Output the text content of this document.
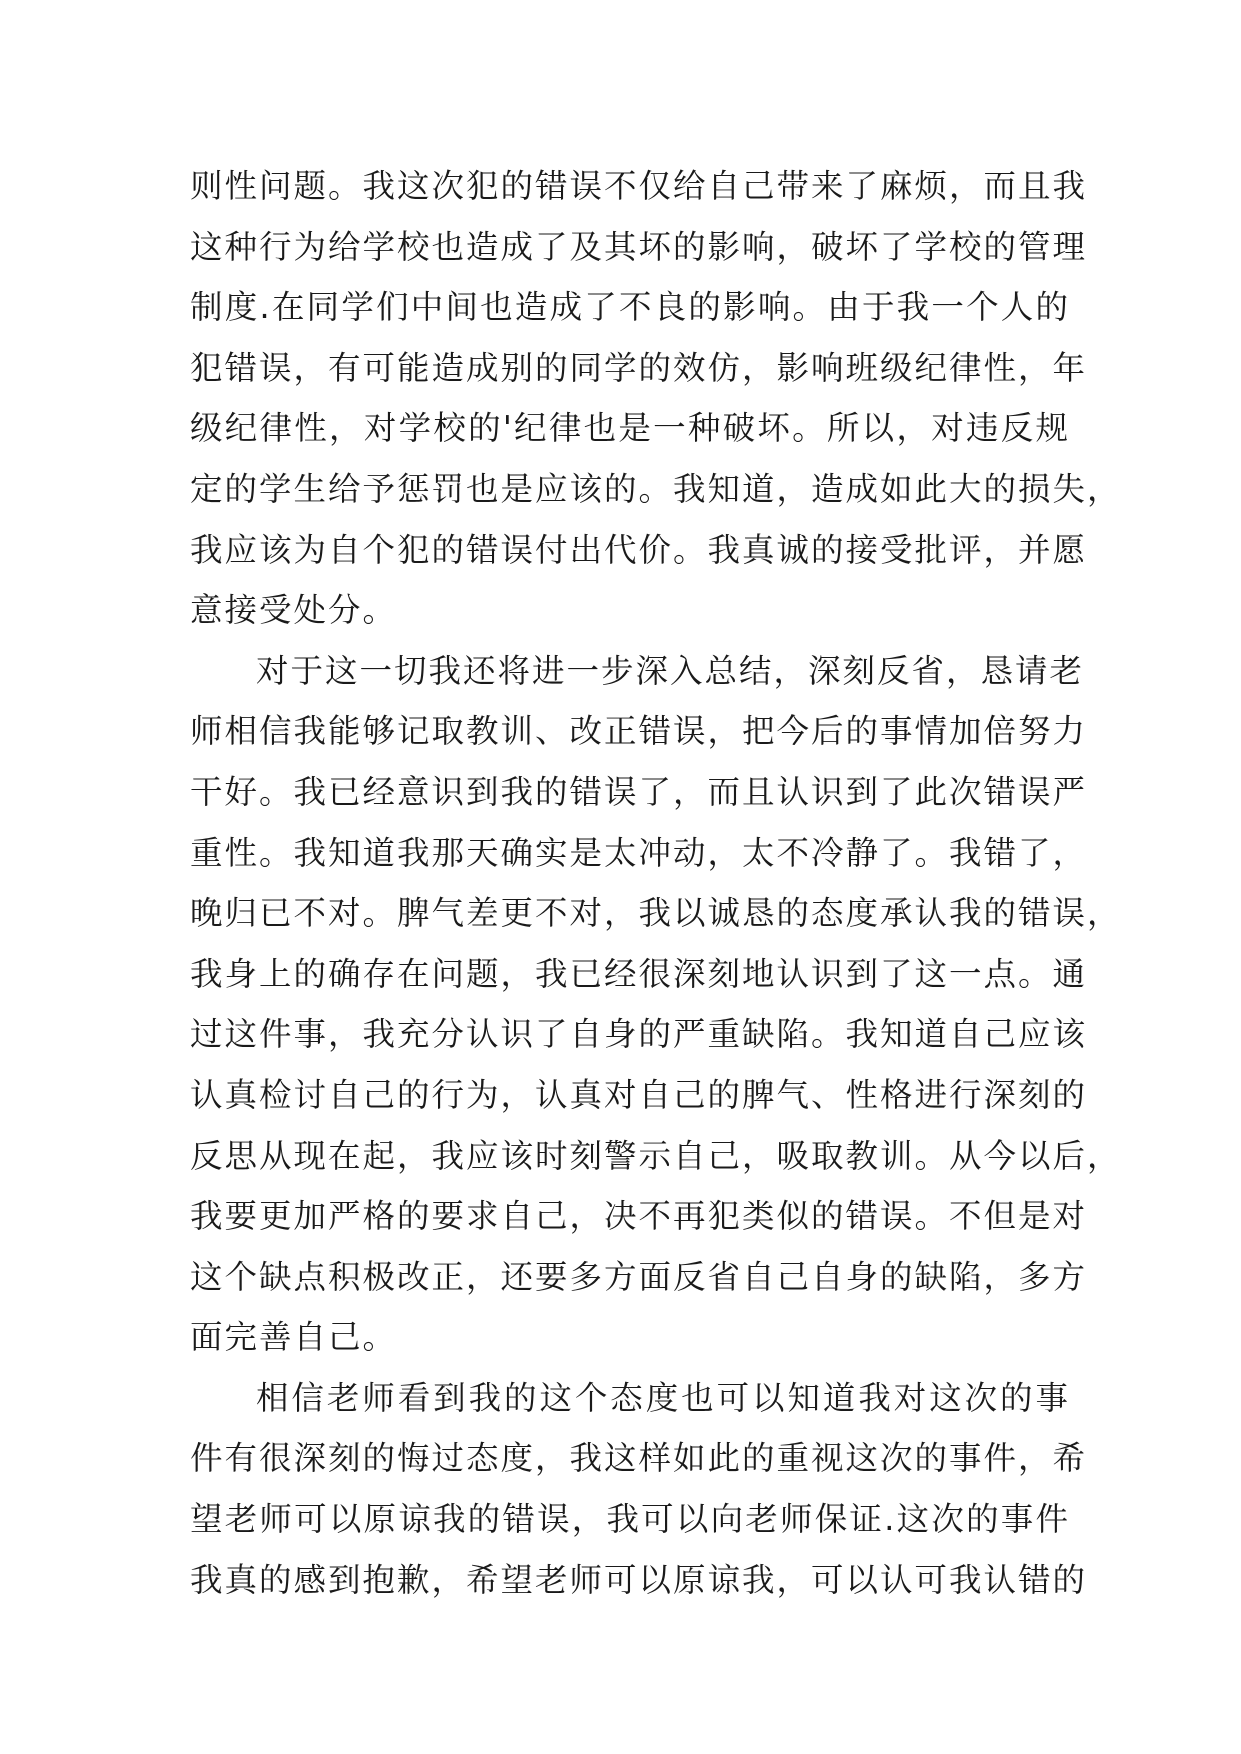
则性问题。我这次犯的错误不仅给自己带来了麻烦，而且我
这种行为给学校也造成了及其坏的影响，破坏了学校的管理
制度.在同学们中间也造成了不良的影响。由于我一个人的
犯错误，有可能造成别的同学的效仿，影响班级纪律性，年
级纪律性，对学校的'纪律也是一种破坏。所以，对违反规
定的学生给予惩罚也是应该的。我知道，造成如此大的损失，
我应该为自个犯的错误付出代价。我真诚的接受批评，并愿
意接受处分。
对于这一切我还将进一步深入总结，深刻反省，恳请老
师相信我能够记取教训、改正错误，把今后的事情加倍努力
干好。我已经意识到我的错误了，而且认识到了此次错误严
重性。我知道我那天确实是太冲动，太不冷静了。我错了，
晚归已不对。脾气差更不对，我以诚恳的态度承认我的错误，
我身上的确存在问题，我已经很深刻地认识到了这一点。通
过这件事，我充分认识了自身的严重缺陷。我知道自己应该
认真检讨自己的行为，认真对自己的脾气、性格进行深刻的
反思从现在起，我应该时刻警示自己，吸取教训。从今以后，
我要更加严格的要求自己，决不再犯类似的错误。不但是对
这个缺点积极改正，还要多方面反省自己自身的缺陷，多方
面完善自己。
相信老师看到我的这个态度也可以知道我对这次的事
件有很深刻的悔过态度，我这样如此的重视这次的事件，希
望老师可以原谅我的错误，我可以向老师保证.这次的事件
我真的感到抱歉，希望老师可以原谅我，可以认可我认错的
